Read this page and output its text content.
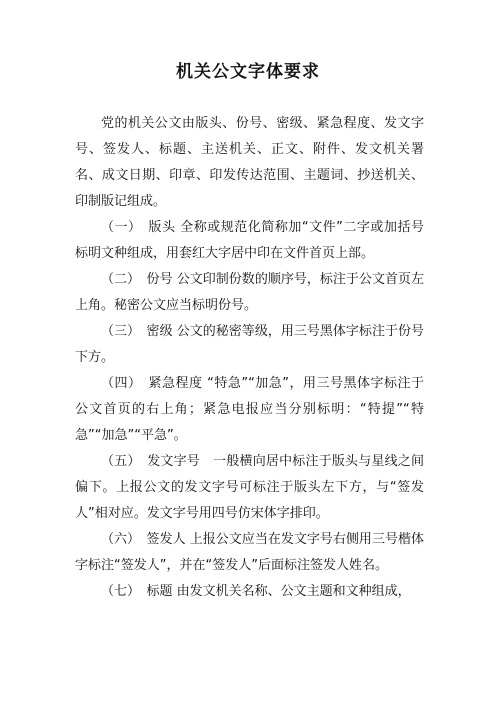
机关公文字体要求

党的机关公文由版头、份号、密级、紧急程度、发文字号、签发人、标题、主送机关、正文、附件、发文机关署名、成文日期、印章、印发传达范围、主题词、抄送机关、印制版记组成。

（一）　版头 全称或规范化简称加“文件”二字或加括号标明文种组成，用套红大字居中印在文件首页上部。

（二）　份号 公文印制份数的顺序号，标注于公文首页左上角。秘密公文应当标明份号。

（三）　密级 公文的秘密等级，用三号黑体字标注于份号下方。

（四）　紧急程度 “特急”“加急”，用三号黑体字标注于公文首页的右上角；紧急电报应当分别标明：“特提”“特急”“加急”“平急”。

（五）　发文字号　一般横向居中标注于版头与星线之间偏下。上报公文的发文字号可标注于版头左下方，与“签发人”相对应。发文字号用四号仿宋体字排印。

（六）　签发人 上报公文应当在发文字号右侧用三号楷体字标注“签发人”，并在“签发人”后面标注签发人姓名。

（七）　标题 由发文机关名称、公文主题和文种组成，
